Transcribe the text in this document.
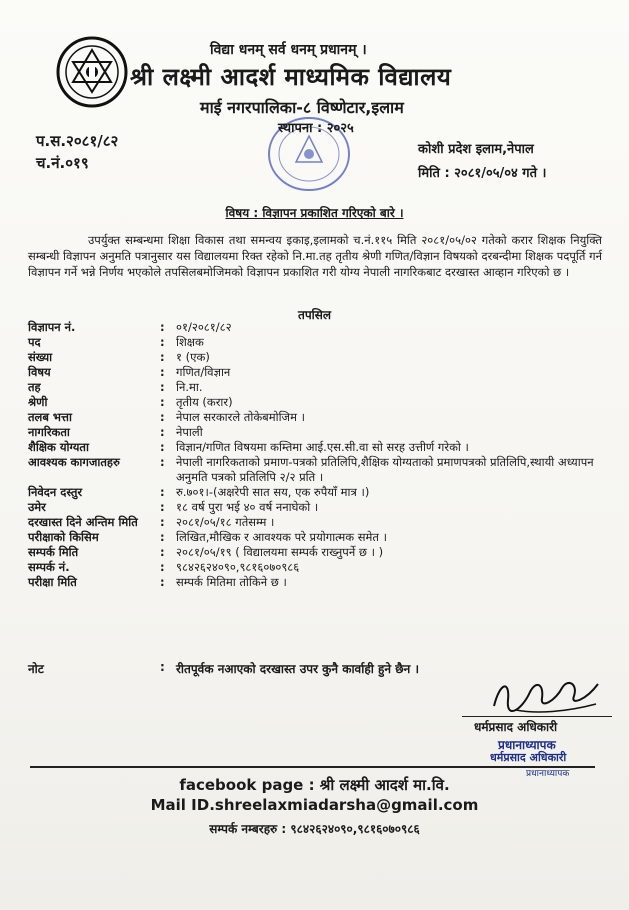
विद्या धनम् सर्व धनम् प्रधानम् ।
श्री लक्ष्मी आदर्श माध्यमिक विद्यालय
माई नगरपालिका-८ विष्णेटार,इलाम
प.स.२०८१/८२
च.नं.०१९
स्थापना : २०२५
कोशी प्रदेश इलाम,नेपाल
मिति : २०८१/०५/०४ गते ।
विषय : विज्ञापन प्रकाशित गरिएको बारे ।
उपर्युक्त सम्बन्धमा शिक्षा विकास तथा समन्वय इकाइ,इलामको च.नं.११५ मिति २०८१/०५/०२ गतेको करार शिक्षक नियुक्ति सम्बन्धी विज्ञापन अनुमति पत्रानुसार यस विद्यालयमा रिक्त रहेको नि.मा.तह तृतीय श्रेणी गणित/विज्ञान विषयको दरबन्दीमा शिक्षक पदपूर्ति गर्न विज्ञापन गर्ने भन्ने निर्णय भएकोले तपसिलबमोजिमको विज्ञापन प्रकाशित गरी योग्य नेपाली नागरिकबाट दरखास्त आव्हान गरिएको छ ।
तपसिल
विज्ञापन नं.	:	०१/२०८१/८२
पद	:	शिक्षक
संख्या	:	१ (एक)
विषय	:	गणित/विज्ञान
तह	:	नि.मा.
श्रेणी	:	तृतीय (करार)
तलब भत्ता	:	नेपाल सरकारले तोकेबमोजिम ।
नागरिकता	:	नेपाली
शैक्षिक योग्यता	:	विज्ञान/गणित विषयमा कम्तिमा आई.एस.सी.वा सो सरह उत्तीर्ण गरेको ।
आवश्यक कागजातहरु	:	नेपाली नागरिकताको प्रमाण-पत्रको प्रतिलिपि,शैक्षिक योग्यताको प्रमाणपत्रको प्रतिलिपि,स्थायी अध्यापन अनुमति पत्रको प्रतिलिपि २/२ प्रति ।
निवेदन दस्तुर	:	रु.७०१।-(अक्षरेपी सात सय, एक रुपैयाँ मात्र ।)
उमेर	:	१८ वर्ष पुरा भई ४० वर्ष ननाघेको ।
दरखास्त दिने अन्तिम मिति	:	२०८१/०५/१८ गतेसम्म ।
परीक्षाको किसिम	:	लिखित,मौखिक र आवश्यक परे प्रयोगात्मक समेत ।
सम्पर्क मिति	:	२०८१/०५/१९ ( विद्यालयमा सम्पर्क राख्नुपर्ने छ । )
सम्पर्क नं.	:	९८४२६२४०९०,९८१६०७०९८६
परीक्षा मिति	:	सम्पर्क मितिमा तोकिने छ ।
नोट	: रीतपूर्वक नआएको दरखास्त उपर कुनै कार्वाही हुने छैन ।
धर्मप्रसाद अधिकारी
प्रधानाध्यापक
धर्मप्रसाद अधिकारी
प्रधानाध्यापक
facebook page : श्री लक्ष्मी आदर्श मा.वि.
Mail ID.shreelaxmiadarsha@gmail.com
सम्पर्क नम्बरहरु : ९८४२६२४०९०,९८१६०७०९८६
